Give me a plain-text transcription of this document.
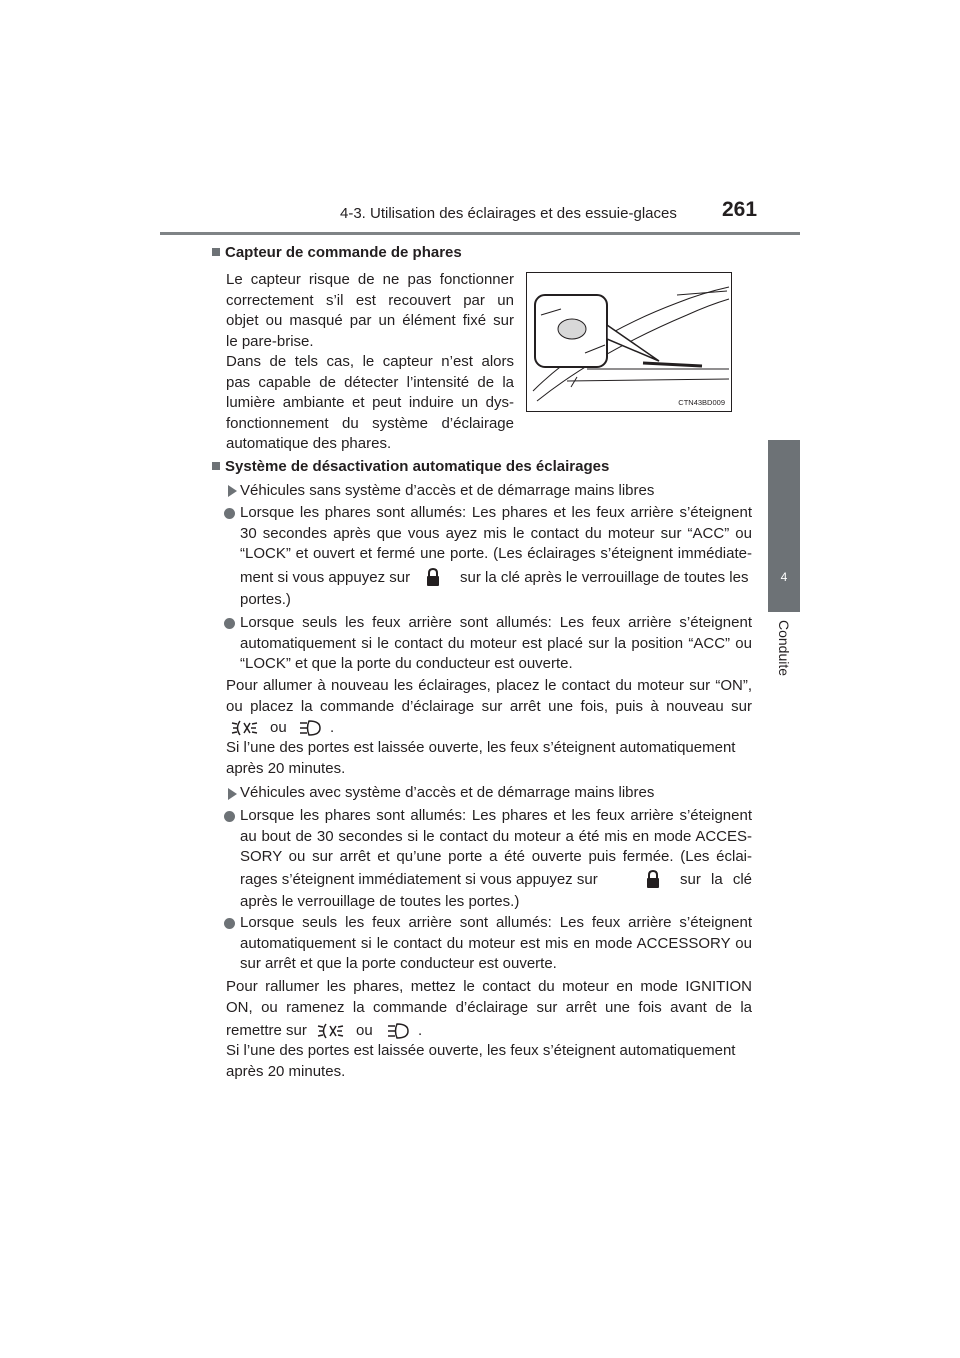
4-3. Utilisation des éclairages et des essuie-glaces 261
4
Conduite
Capteur de commande de phares
Le capteur risque de ne pas fonctionner
correctement s’il est recouvert par un
objet ou masqué par un élément fixé sur
le pare-brise.
Dans de tels cas, le capteur n’est alors
pas capable de détecter l’intensité de la
lumière ambiante et peut induire un dys-
fonctionnement du système d’éclairage
automatique des phares.
CTN43BD009
Système de désactivation automatique des éclairages
Véhicules sans système d’accès et de démarrage mains libres
Lorsque les phares sont allumés: Les phares et les feux arrière s’éteignent
30 secondes après que vous ayez mis le contact du moteur sur “ACC” ou
“LOCK” et ouvert et fermé une porte. (Les éclairages s’éteignent immédiate-
ment si vous appuyez sur	sur la clé après le verrouillage de toutes les
portes.)
Lorsque seuls les feux arrière sont allumés: Les feux arrière s’éteignent
automatiquement si le contact du moteur est placé sur la position “ACC” ou
“LOCK” et que la porte du conducteur est ouverte.
Pour allumer à nouveau les éclairages, placez le contact du moteur sur “ON”,
ou placez la commande d’éclairage sur arrêt une fois, puis à nouveau sur
ou	.
Si l’une des portes est laissée ouverte, les feux s’éteignent automatiquement
après 20 minutes.
Véhicules avec système d’accès et de démarrage mains libres
Lorsque les phares sont allumés: Les phares et les feux arrière s’éteignent
au bout de 30 secondes si le contact du moteur a été mis en mode ACCES-
SORY ou sur arrêt et qu’une porte a été ouverte puis fermée. (Les éclai-
rages s’éteignent immédiatement si vous appuyez sur	sur la clé
après le verrouillage de toutes les portes.)
Lorsque seuls les feux arrière sont allumés: Les feux arrière s’éteignent
automatiquement si le contact du moteur est mis en mode ACCESSORY ou
sur arrêt et que la porte conducteur est ouverte.
Pour rallumer les phares, mettez le contact du moteur en mode IGNITION
ON, ou ramenez la commande d’éclairage sur arrêt une fois avant de la
remettre sur	ou	.
Si l’une des portes est laissée ouverte, les feux s’éteignent automatiquement
après 20 minutes.
